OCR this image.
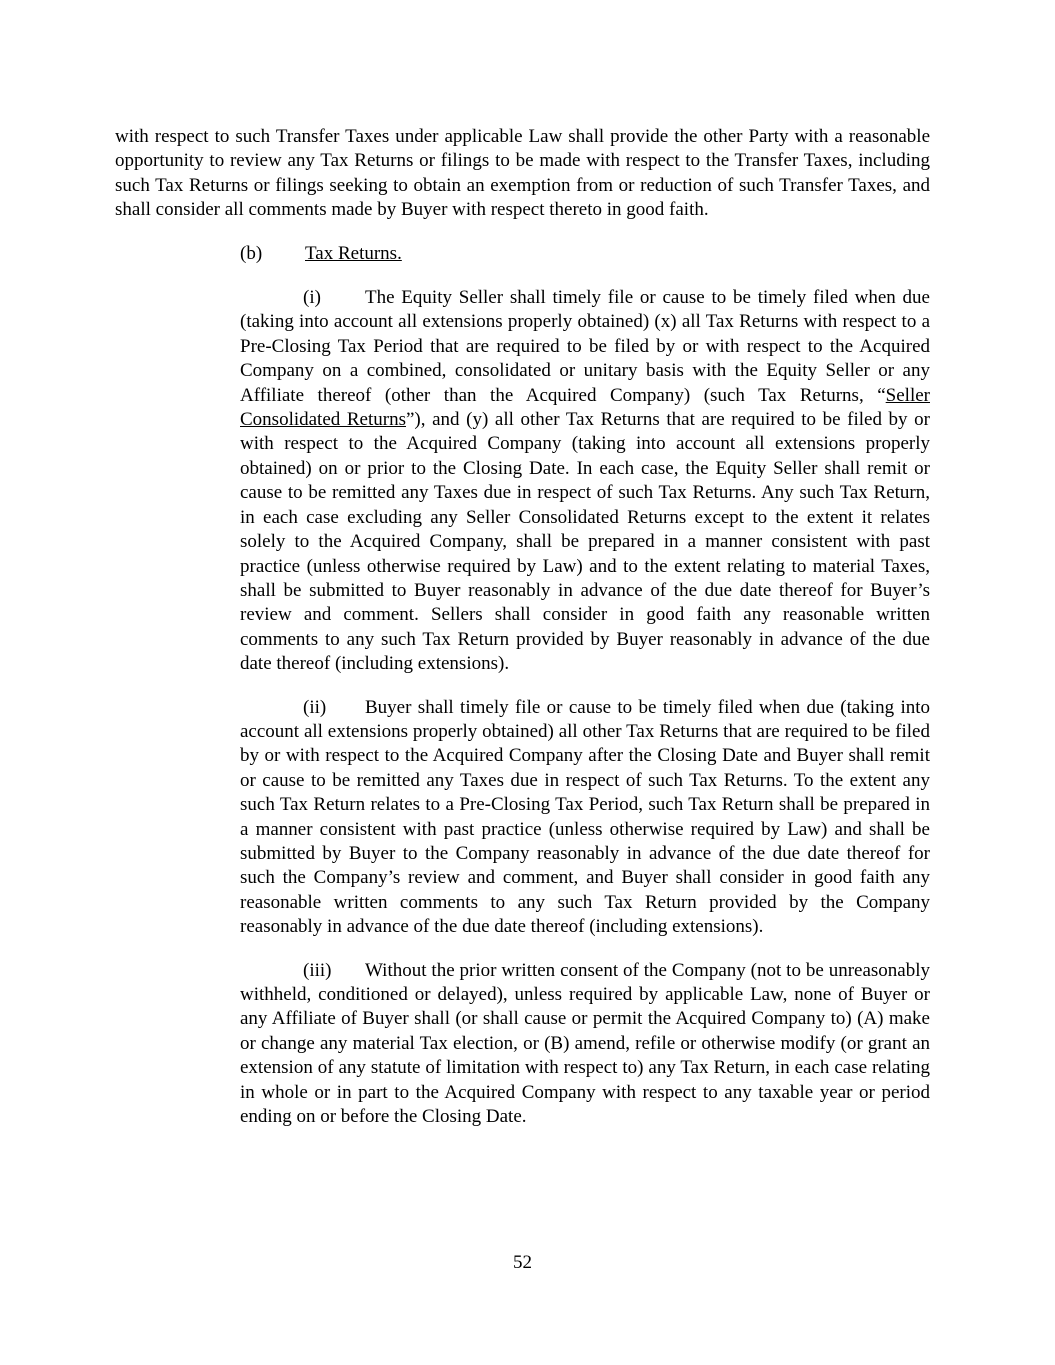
with respect to such Transfer Taxes under applicable Law shall provide the other Party with a reasonable opportunity to review any Tax Returns or filings to be made with respect to the Transfer Taxes, including such Tax Returns or filings seeking to obtain an exemption from or reduction of such Transfer Taxes, and shall consider all comments made by Buyer with respect thereto in good faith.

(b) Tax Returns.

(i) The Equity Seller shall timely file or cause to be timely filed when due (taking into account all extensions properly obtained) (x) all Tax Returns with respect to a Pre-Closing Tax Period that are required to be filed by or with respect to the Acquired Company on a combined, consolidated or unitary basis with the Equity Seller or any Affiliate thereof (other than the Acquired Company) (such Tax Returns, “Seller Consolidated Returns”), and (y) all other Tax Returns that are required to be filed by or with respect to the Acquired Company (taking into account all extensions properly obtained) on or prior to the Closing Date. In each case, the Equity Seller shall remit or cause to be remitted any Taxes due in respect of such Tax Returns. Any such Tax Return, in each case excluding any Seller Consolidated Returns except to the extent it relates solely to the Acquired Company, shall be prepared in a manner consistent with past practice (unless otherwise required by Law) and to the extent relating to material Taxes, shall be submitted to Buyer reasonably in advance of the due date thereof for Buyer’s review and comment. Sellers shall consider in good faith any reasonable written comments to any such Tax Return provided by Buyer reasonably in advance of the due date thereof (including extensions).

(ii) Buyer shall timely file or cause to be timely filed when due (taking into account all extensions properly obtained) all other Tax Returns that are required to be filed by or with respect to the Acquired Company after the Closing Date and Buyer shall remit or cause to be remitted any Taxes due in respect of such Tax Returns. To the extent any such Tax Return relates to a Pre-Closing Tax Period, such Tax Return shall be prepared in a manner consistent with past practice (unless otherwise required by Law) and shall be submitted by Buyer to the Company reasonably in advance of the due date thereof for such the Company’s review and comment, and Buyer shall consider in good faith any reasonable written comments to any such Tax Return provided by the Company reasonably in advance of the due date thereof (including extensions).

(iii) Without the prior written consent of the Company (not to be unreasonably withheld, conditioned or delayed), unless required by applicable Law, none of Buyer or any Affiliate of Buyer shall (or shall cause or permit the Acquired Company to) (A) make or change any material Tax election, or (B) amend, refile or otherwise modify (or grant an extension of any statute of limitation with respect to) any Tax Return, in each case relating in whole or in part to the Acquired Company with respect to any taxable year or period ending on or before the Closing Date.

52
